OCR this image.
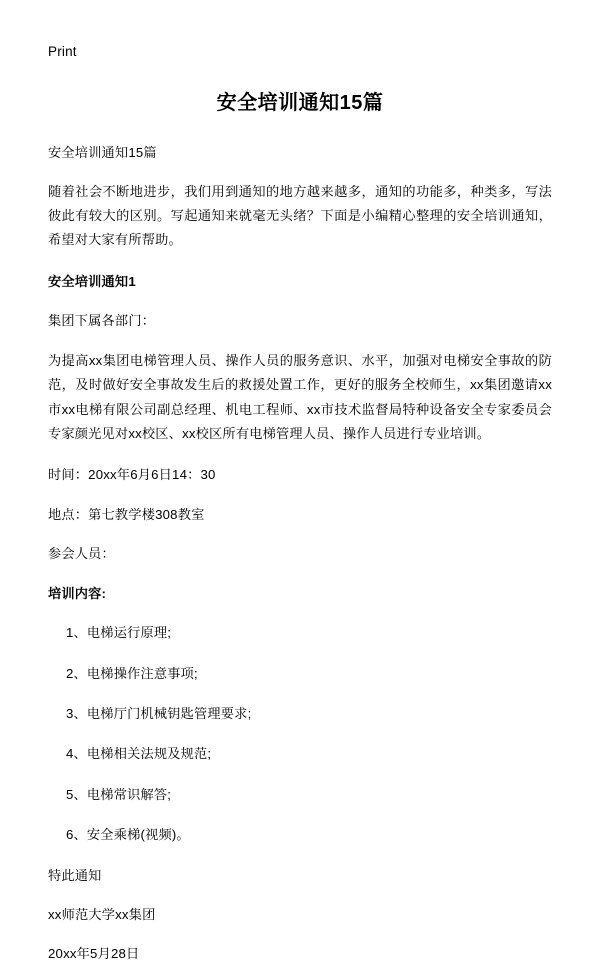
Print
安全培训通知15篇

安全培训通知15篇

随着社会不断地进步，我们用到通知的地方越来越多，通知的功能多，种类多，写法彼此有较大的区别。写起通知来就毫无头绪？下面是小编精心整理的安全培训通知，希望对大家有所帮助。

安全培训通知1

集团下属各部门：

为提高xx集团电梯管理人员、操作人员的服务意识、水平，加强对电梯安全事故的防范，及时做好安全事故发生后的救援处置工作，更好的服务全校师生，xx集团邀请xx市xx电梯有限公司副总经理、机电工程师、xx市技术监督局特种设备安全专家委员会专家颜光见对xx校区、xx校区所有电梯管理人员、操作人员进行专业培训。

时间：20xx年6月6日14：30

地点：第七教学楼308教室

参会人员：

培训内容:

1、电梯运行原理;

2、电梯操作注意事项;

3、电梯厅门机械钥匙管理要求;

4、电梯相关法规及规范;

5、电梯常识解答;

6、安全乘梯(视频)。

特此通知

xx师范大学xx集团

20xx年5月28日
